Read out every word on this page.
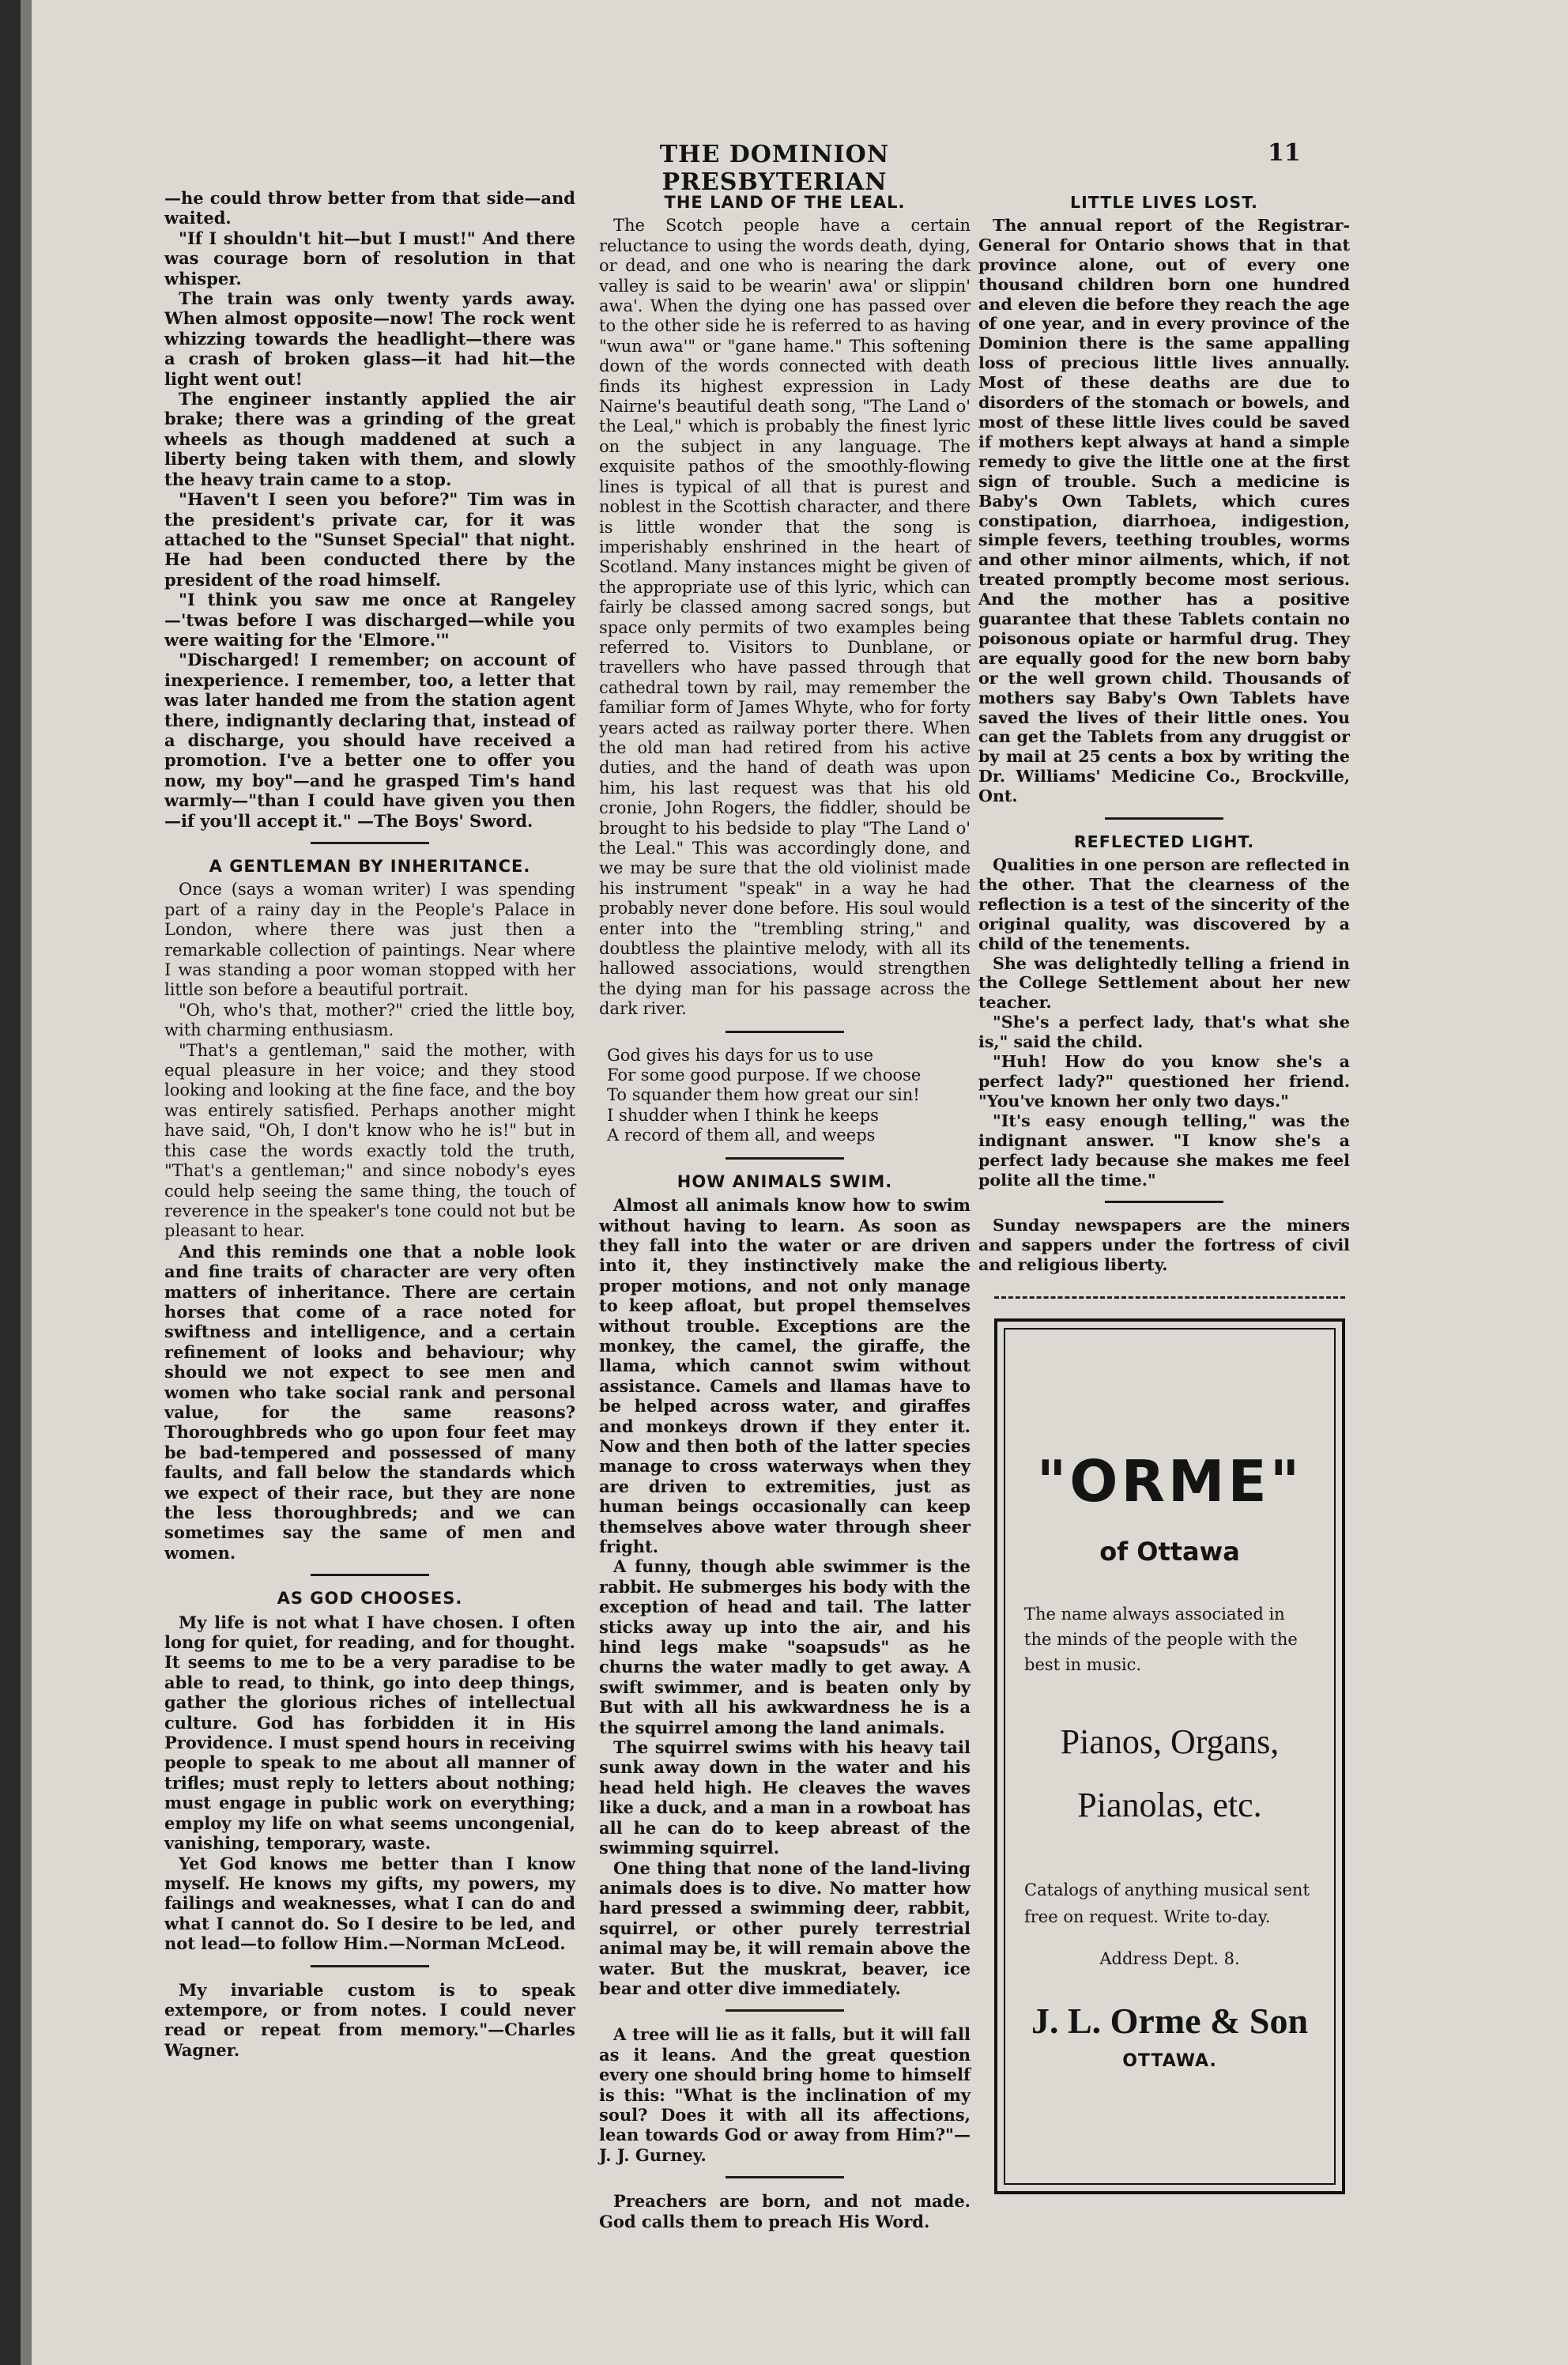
THE DOMINION PRESBYTERIAN
11

—he could throw better from that side—and waited.

"If I shouldn't hit—but I must!" And there was courage born of resolution in that whisper.

The train was only twenty yards away. When almost opposite—now! The rock went whizzing towards the headlight—there was a crash of broken glass—it had hit—the light went out!

The engineer instantly applied the air brake; there was a grinding of the great wheels as though maddened at such a liberty being taken with them, and slowly the heavy train came to a stop.

"Haven't I seen you before?" Tim was in the president's private car, for it was attached to the "Sunset Special" that night. He had been conducted there by the president of the road himself.

"I think you saw me once at Rangeley—'twas before I was discharged—while you were waiting for the 'Elmore.'"

"Discharged! I remember; on account of inexperience. I remember, too, a letter that was later handed me from the station agent there, indignantly declaring that, instead of a discharge, you should have received a promotion. I've a better one to offer you now, my boy"—and he grasped Tim's hand warmly—"than I could have given you then—if you'll accept it." —The Boys' Sword.

A GENTLEMAN BY INHERITANCE.

Once (says a woman writer) I was spending part of a rainy day in the People's Palace in London, where there was just then a remarkable collection of paintings. Near where I was standing a poor woman stopped with her little son before a beautiful portrait.

"Oh, who's that, mother?" cried the little boy, with charming enthusiasm.

"That's a gentleman," said the mother, with equal pleasure in her voice; and they stood looking and looking at the fine face, and the boy was entirely satisfied. Perhaps another might have said, "Oh, I don't know who he is!" but in this case the words exactly told the truth, "That's a gentleman;" and since nobody's eyes could help seeing the same thing, the touch of reverence in the speaker's tone could not but be pleasant to hear.

And this reminds one that a noble look and fine traits of character are very often matters of inheritance. There are certain horses that come of a race noted for swiftness and intelligence, and a certain refinement of looks and behaviour; why should we not expect to see men and women who take social rank and personal value, for the same reasons? Thoroughbreds who go upon four feet may be bad-tempered and possessed of many faults, and fall below the standards which we expect of their race, but they are none the less thoroughbreds; and we can sometimes say the same of men and women.

AS GOD CHOOSES.

My life is not what I have chosen. I often long for quiet, for reading, and for thought. It seems to me to be a very paradise to be able to read, to think, go into deep things, gather the glorious riches of intellectual culture. God has forbidden it in His Providence. I must spend hours in receiving people to speak to me about all manner of trifles; must reply to letters about nothing; must engage in public work on everything; employ my life on what seems uncongenial, vanishing, temporary, waste.

Yet God knows me better than I know myself. He knows my gifts, my powers, my failings and weaknesses, what I can do and what I cannot do. So I desire to be led, and not lead—to follow Him.—Norman McLeod.

My invariable custom is to speak extempore, or from notes. I could never read or repeat from memory."—Charles Wagner.

THE LAND OF THE LEAL.

The Scotch people have a certain reluctance to using the words death, dying, or dead, and one who is nearing the dark valley is said to be wearin' awa' or slippin' awa'. When the dying one has passed over to the other side he is referred to as having "wun awa'" or "gane hame." This softening down of the words connected with death finds its highest expression in Lady Nairne's beautiful death song, "The Land o' the Leal," which is probably the finest lyric on the subject in any language. The exquisite pathos of the smoothly-flowing lines is typical of all that is purest and noblest in the Scottish character, and there is little wonder that the song is imperishably enshrined in the heart of Scotland. Many instances might be given of the appropriate use of this lyric, which can fairly be classed among sacred songs, but space only permits of two examples being referred to. Visitors to Dunblane, or travellers who have passed through that cathedral town by rail, may remember the familiar form of James Whyte, who for forty years acted as railway porter there. When the old man had retired from his active duties, and the hand of death was upon him, his last request was that his old cronie, John Rogers, the fiddler, should be brought to his bedside to play "The Land o' the Leal." This was accordingly done, and we may be sure that the old violinist made his instrument "speak" in a way he had probably never done before. His soul would enter into the "trembling string," and doubtless the plaintive melody, with all its hallowed associations, would strengthen the dying man for his passage across the dark river.

God gives his days for us to use

For some good purpose. If we choose

To squander them how great our sin!

I shudder when I think he keeps

A record of them all, and weeps

HOW ANIMALS SWIM.

Almost all animals know how to swim without having to learn. As soon as they fall into the water or are driven into it, they instinctively make the proper motions, and not only manage to keep afloat, but propel themselves without trouble. Exceptions are the monkey, the camel, the giraffe, the llama, which cannot swim without assistance. Camels and llamas have to be helped across water, and giraffes and monkeys drown if they enter it. Now and then both of the latter species manage to cross waterways when they are driven to extremities, just as human beings occasionally can keep themselves above water through sheer fright.

A funny, though able swimmer is the rabbit. He submerges his body with the exception of head and tail. The latter sticks away up into the air, and his hind legs make "soapsuds" as he churns the water madly to get away. A swift swimmer, and is beaten only by But with all his awkwardness he is a the squirrel among the land animals.

The squirrel swims with his heavy tail sunk away down in the water and his head held high. He cleaves the waves like a duck, and a man in a rowboat has all he can do to keep abreast of the swimming squirrel.

One thing that none of the land-living animals does is to dive. No matter how hard pressed a swimming deer, rabbit, squirrel, or other purely terrestrial animal may be, it will remain above the water. But the muskrat, beaver, ice bear and otter dive immediately.

A tree will lie as it falls, but it will fall as it leans. And the great question every one should bring home to himself is this: "What is the inclination of my soul? Does it with all its affections, lean towards God or away from Him?"—J. J. Gurney.

Preachers are born, and not made. God calls them to preach His Word.

LITTLE LIVES LOST.

The annual report of the Registrar-General for Ontario shows that in that province alone, out of every one thousand children born one hundred and eleven die before they reach the age of one year, and in every province of the Dominion there is the same appalling loss of precious little lives annually. Most of these deaths are due to disorders of the stomach or bowels, and most of these little lives could be saved if mothers kept always at hand a simple remedy to give the little one at the first sign of trouble. Such a medicine is Baby's Own Tablets, which cures constipation, diarrhoea, indigestion, simple fevers, teething troubles, worms and other minor ailments, which, if not treated promptly become most serious. And the mother has a positive guarantee that these Tablets contain no poisonous opiate or harmful drug. They are equally good for the new born baby or the well grown child. Thousands of mothers say Baby's Own Tablets have saved the lives of their little ones. You can get the Tablets from any druggist or by mail at 25 cents a box by writing the Dr. Williams' Medicine Co., Brockville, Ont.

REFLECTED LIGHT.

Qualities in one person are reflected in the other. That the clearness of the reflection is a test of the sincerity of the original quality, was discovered by a child of the tenements.

She was delightedly telling a friend in the College Settlement about her new teacher.

"She's a perfect lady, that's what she is," said the child.

"Huh! How do you know she's a perfect lady?" questioned her friend. "You've known her only two days."

"It's easy enough telling," was the indignant answer. "I know she's a perfect lady because she makes me feel polite all the time."

Sunday newspapers are the miners and sappers under the fortress of civil and religious liberty.

"ORME"
of Ottawa
The name always associated in the minds of the people with the best in music.
Pianos, Organs,
Pianolas, etc.
Catalogs of anything musical sent free on request. Write to-day.
Address Dept. 8.
J. L. Orme & Son
OTTAWA.
